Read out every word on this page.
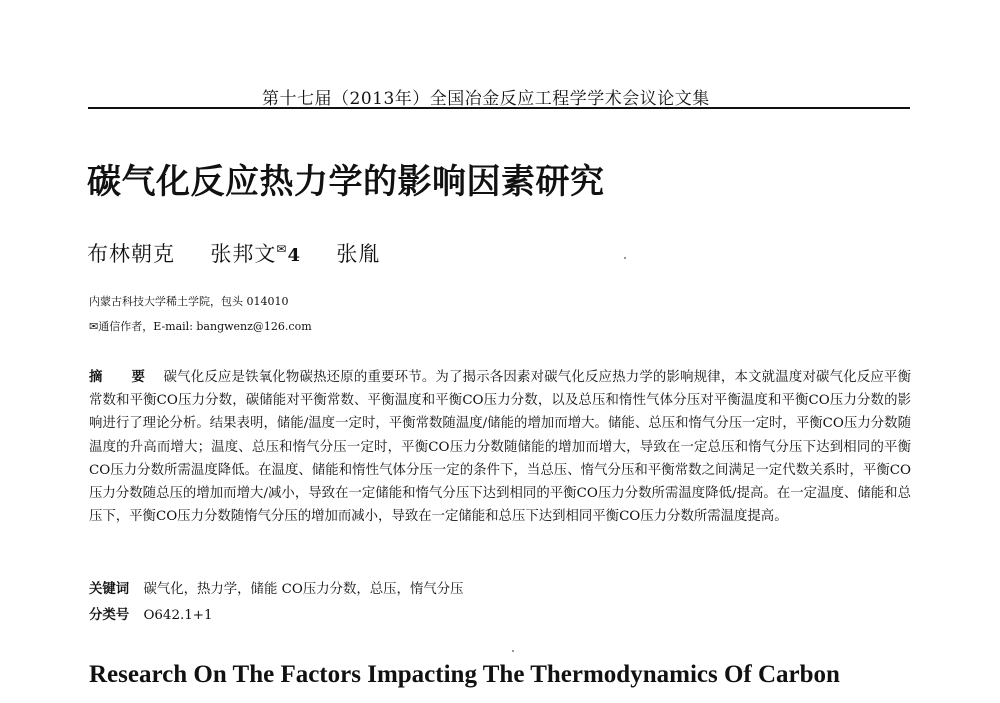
第十七届（2013年）全国冶金反应工程学学术会议论文集
碳气化反应热力学的影响因素研究
布林朝克 张邦文✉4 张胤
内蒙古科技大学稀土学院，包头 014010
✉通信作者，E-mail: bangwenz@126.com
摘 要 碳气化反应是铁氧化物碳热还原的重要环节。为了揭示各因素对碳气化反应热力学的影响规律，本文就温度对碳气化反应平衡常数和平衡CO压力分数，碳储能对平衡常数、平衡温度和平衡CO压力分数，以及总压和惰性气体分压对平衡温度和平衡CO压力分数的影响进行了理论分析。结果表明，储能/温度一定时，平衡常数随温度/储能的增加而增大。储能、总压和惰气分压一定时，平衡CO压力分数随温度的升高而增大；温度、总压和惰气分压一定时，平衡CO压力分数随储能的增加而增大，导致在一定总压和惰气分压下达到相同的平衡CO压力分数所需温度降低。在温度、储能和惰性气体分压一定的条件下，当总压、惰气分压和平衡常数之间满足一定代数关系时，平衡CO压力分数随总压的增加而增大/减小，导致在一定储能和惰气分压下达到相同的平衡CO压力分数所需温度降低/提高。在一定温度、储能和总压下，平衡CO压力分数随惰气分压的增加而减小，导致在一定储能和总压下达到相同平衡CO压力分数所需温度提高。
关键词 碳气化，热力学，储能 CO压力分数，总压，惰气分压
分类号 O642.1+1
Research On The Factors Impacting The Thermodynamics Of Carbon
